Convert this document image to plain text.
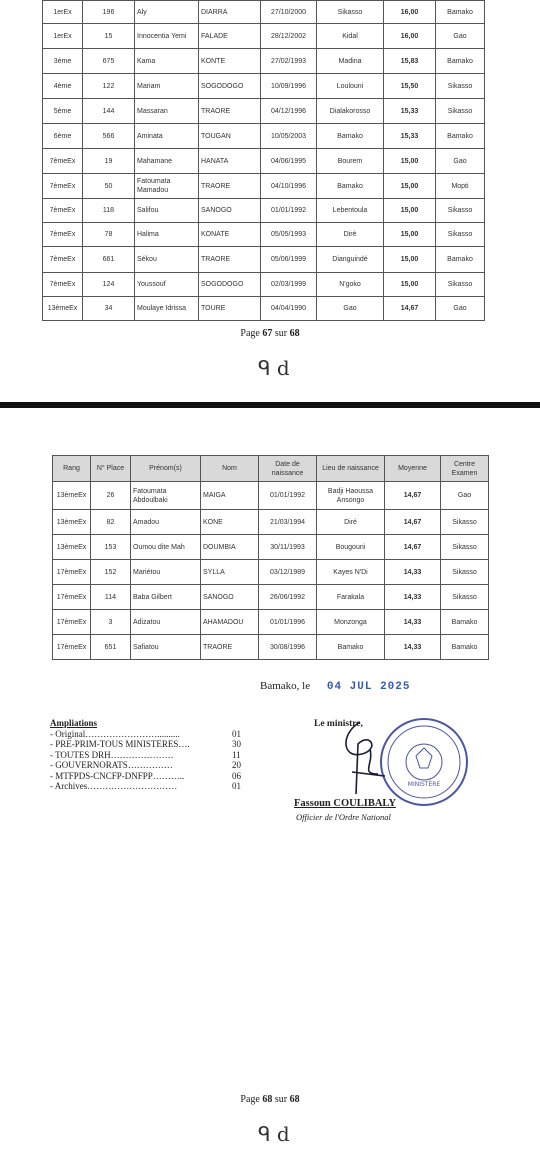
1erEx	196	Aly	DIARRA	27/10/2000	Sikasso	16,00	Bamako
1erEx	15	Innocentia Yemi	FALADE	28/12/2002	Kidal	16,00	Gao
3ème	675	Kama	KONTE	27/02/1993	Madina	15,83	Bamako
4ème	122	Mariam	SOGODOGO	10/09/1996	Loulouni	15,50	Sikasso
5ème	144	Massaran	TRAORE	04/12/1996	Dialakorosso	15,33	Sikasso
6ème	566	Aminata	TOUGAN	10/05/2003	Bamako	15,33	Bamako
7èmeEx	19	Mahamane	HANATA	04/06/1995	Bourem	15,00	Gao
7èmeEx	50	Fatoumata Mamadou	TRAORE	04/10/1996	Bamako	15,00	Mopti
7èmeEx	118	Salifou	SANOGO	01/01/1992	Lebentoula	15,00	Sikasso
7èmeEx	78	Halima	KONATE	05/05/1993	Diré	15,00	Sikasso
7èmeEx	661	Sékou	TRAORE	05/06/1999	Dianguindé	15,00	Bamako
7èmeEx	124	Youssouf	SOGODOGO	02/03/1999	N'goko	15,00	Sikasso
13èmeEx	34	Moulaye Idrissa	TOURE	04/04/1990	Gao	14,67	Gao
Page 67 sur 68
ᑫ d
Rang	N° Place	Prénom(s)	Nom	Date de naissance	Lieu de naissance	Moyenne	Centre Examen
13èmeEx	26	Fatoumata Abdoulbaki	MAIGA	01/01/1992	Badji Haoussa Ansongo	14,67	Gao
13èmeEx	82	Amadou	KONE	21/03/1994	Diré	14,67	Sikasso
13èmeEx	153	Oumou dite Mah	DOUMBIA	30/11/1993	Bougouni	14,67	Sikasso
17èmeEx	152	Mariétou	SYLLA	03/12/1989	Kayes N'Di	14,33	Sikasso
17èmeEx	114	Baba Gilbert	SANOGO	26/06/1992	Farakala	14,33	Sikasso
17èmeEx	3	Adizatou	AHAMADOU	01/01/1996	Monzonga	14,33	Bamako
17èmeEx	651	Safiatou	TRAORE	30/08/1996	Bamako	14,33	Bamako
Bamako, le 04 JUL 2025
Ampliations
- Original……………………..........	01
- PRE-PRIM-TOUS MINISTERES….	30
- TOUTES DRH…………………	11
- GOUVERNORATS……………	20
- MTFPDS-CNCFP-DNFPP………..	06
- Archives…………………………	01
Le ministre,
MINISTÈRE
Fassoun COULIBALY
Officier de l'Ordre National
Page 68 sur 68
ᑫ d
